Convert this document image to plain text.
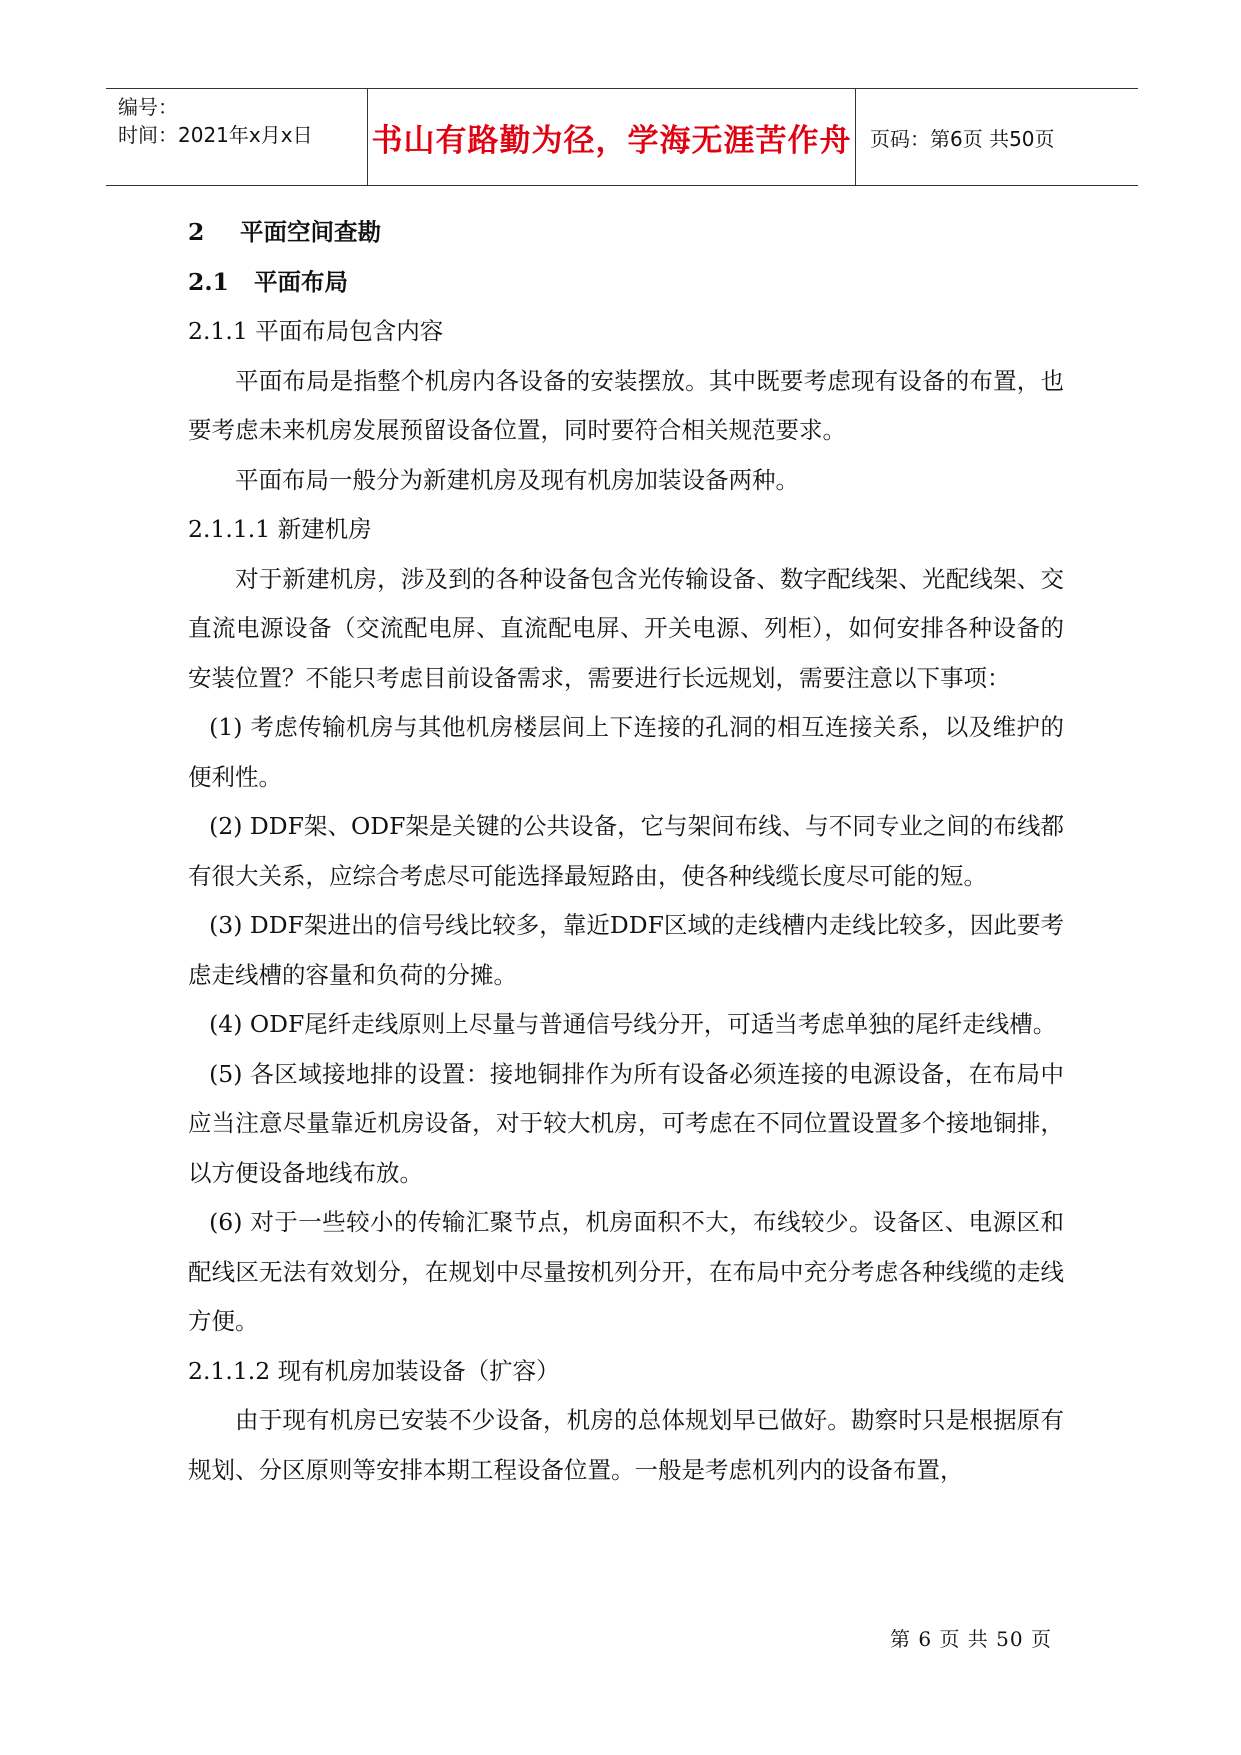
编号：
时间：2021年x月x日	书山有路勤为径，学海无涯苦作舟 页码：第6页 共50页

2 平面空间查勘

2.1 平面布局

2.1.1 平面布局包含内容

平面布局是指整个机房内各设备的安装摆放。其中既要考虑现有设备的布置，也要考虑未来机房发展预留设备位置，同时要符合相关规范要求。

平面布局一般分为新建机房及现有机房加装设备两种。

2.1.1.1 新建机房

对于新建机房，涉及到的各种设备包含光传输设备、数字配线架、光配线架、交直流电源设备（交流配电屏、直流配电屏、开关电源、列柜），如何安排各种设备的安装位置？不能只考虑目前设备需求，需要进行长远规划，需要注意以下事项：

(1) 考虑传输机房与其他机房楼层间上下连接的孔洞的相互连接关系，以及维护的便利性。

(2) DDF架、ODF架是关键的公共设备，它与架间布线、与不同专业之间的布线都有很大关系，应综合考虑尽可能选择最短路由，使各种线缆长度尽可能的短。

(3) DDF架进出的信号线比较多，靠近DDF区域的走线槽内走线比较多，因此要考虑走线槽的容量和负荷的分摊。

(4) ODF尾纤走线原则上尽量与普通信号线分开，可适当考虑单独的尾纤走线槽。

(5) 各区域接地排的设置：接地铜排作为所有设备必须连接的电源设备，在布局中应当注意尽量靠近机房设备，对于较大机房，可考虑在不同位置设置多个接地铜排，以方便设备地线布放。

(6) 对于一些较小的传输汇聚节点，机房面积不大，布线较少。设备区、电源区和配线区无法有效划分，在规划中尽量按机列分开，在布局中充分考虑各种线缆的走线方便。

2.1.1.2 现有机房加装设备（扩容）

由于现有机房已安装不少设备，机房的总体规划早已做好。勘察时只是根据原有规划、分区原则等安排本期工程设备位置。一般是考虑机列内的设备布置，

第 6 页 共 50 页
